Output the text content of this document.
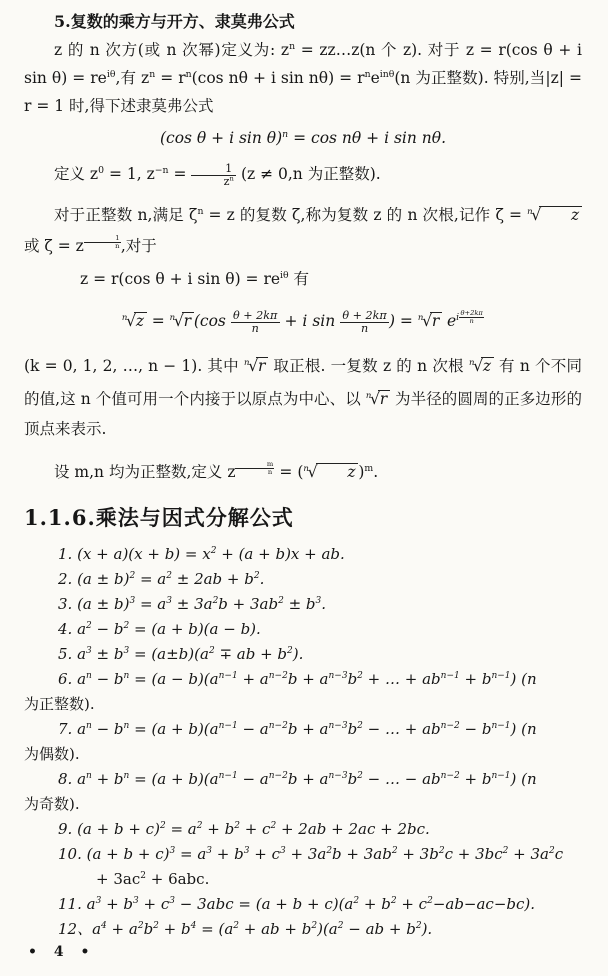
5.复数的乘方与开方、隶莫弗公式

z 的 n 次方(或 n 次幂)定义为: $z^n$ = zz…z(n 个 z). 对于 z = r(cos θ + i $\sin \theta) = re^{i\theta}$,有 $z^n = r^n(\cos$ nθ + i $\sin n\theta) = r^ne^{in\theta}(n$ 为正整数). 特别,当|z| = r = 1 时,得下述隶莫弗公式

(cos θ + i sin θ)$^n$ = cos nθ + i sin nθ.

定义 $z^0 = 1$, $z^{-n} = \frac{1}{z^n} (z \ne 0,n$ 为正整数).

对于正整数 n,满足 $\zeta^n = z$ 的复数 ζ,称为复数 z 的 n 次根,记作 ζ = $^n$√ z 或 ζ = z $^{\frac{1}{n}}$ ,对于

z = r(cos θ + i $\sin \theta) = re^{i\theta}$ 有

$^n$√z = $^n$√r ($\cos \frac{\theta + 2k\pi}{n} + i$ $\sin \frac{\theta + 2k\pi}{n}$ ) = $^n$√r $e^{i \frac{\theta+2k\pi}{n}}$

(k = 0, 1, 2, …, n − 1). 其中 $^n$√r 取正根. 一复数 z 的 n 次根 $^n$√z 有 n 个不同的值,这 n 个值可用一个内接于以原点为中心、以 $^n$√r 为半径的圆周的正多边形的顶点来表示.

设 m,n 均为正整数,定义 z $^{\frac{m}{n}}$ = ($^n$√ z )$^m$.

1.1.6.乘法与因式分解公式

1. $(x + a)(x + b) = x^2 + (a + b)x$ + ab.

2. $(a \pm b)^2 = a^2 \pm 2ab + b^2$.

3. $(a \pm b)^3 = a^3 \pm 3a^2b + 3ab^2 \pm b^3$.

4. $a^2 - b^2 = (a + b)(a - b)$.

5. $a^3 \pm b^3 = (a\pm b)(a^2$ ∓ ab + $b^2$).

6. $a^n - b^n = (a - b)(a^{n-1} + a^{n-2}b + a^{n-3}b^2$ + … + $ab^{n-1} + b^{n-1}$) (n

为正整数).

7. $a^n - b^n = (a + b)(a^{n-1} - a^{n-2}b + a^{n-3}b^2$ − … + $ab^{n-2} - b^{n-1}$) (n

为偶数).

8. $a^n + b^n = (a + b)(a^{n-1} - a^{n-2}b + a^{n-3}b^2$ − … − $ab^{n-2} + b^{n-1}$) (n

为奇数).

9. $(a + b + c)^2 = a^2 + b^2 + c^2 + 2ab + 2ac + 2bc$.

10. $(a + b + c)^3 = a^3 + b^3 + c^3 + 3a^2b + 3ab^2 + 3b^2c + 3bc^2 + 3a^2c$

+ $3ac^2 + 6abc$.

11. $a^3 + b^3 + c^3 - 3abc = (a + b + c)(a^2 + b^2 + c^2-ab-ac-bc)$.

12、$a^4 + a^2b^2 + b^4 = (a^2$ + ab + $b^2)(a^2$ − ab + $b^2$).

• 4 •
